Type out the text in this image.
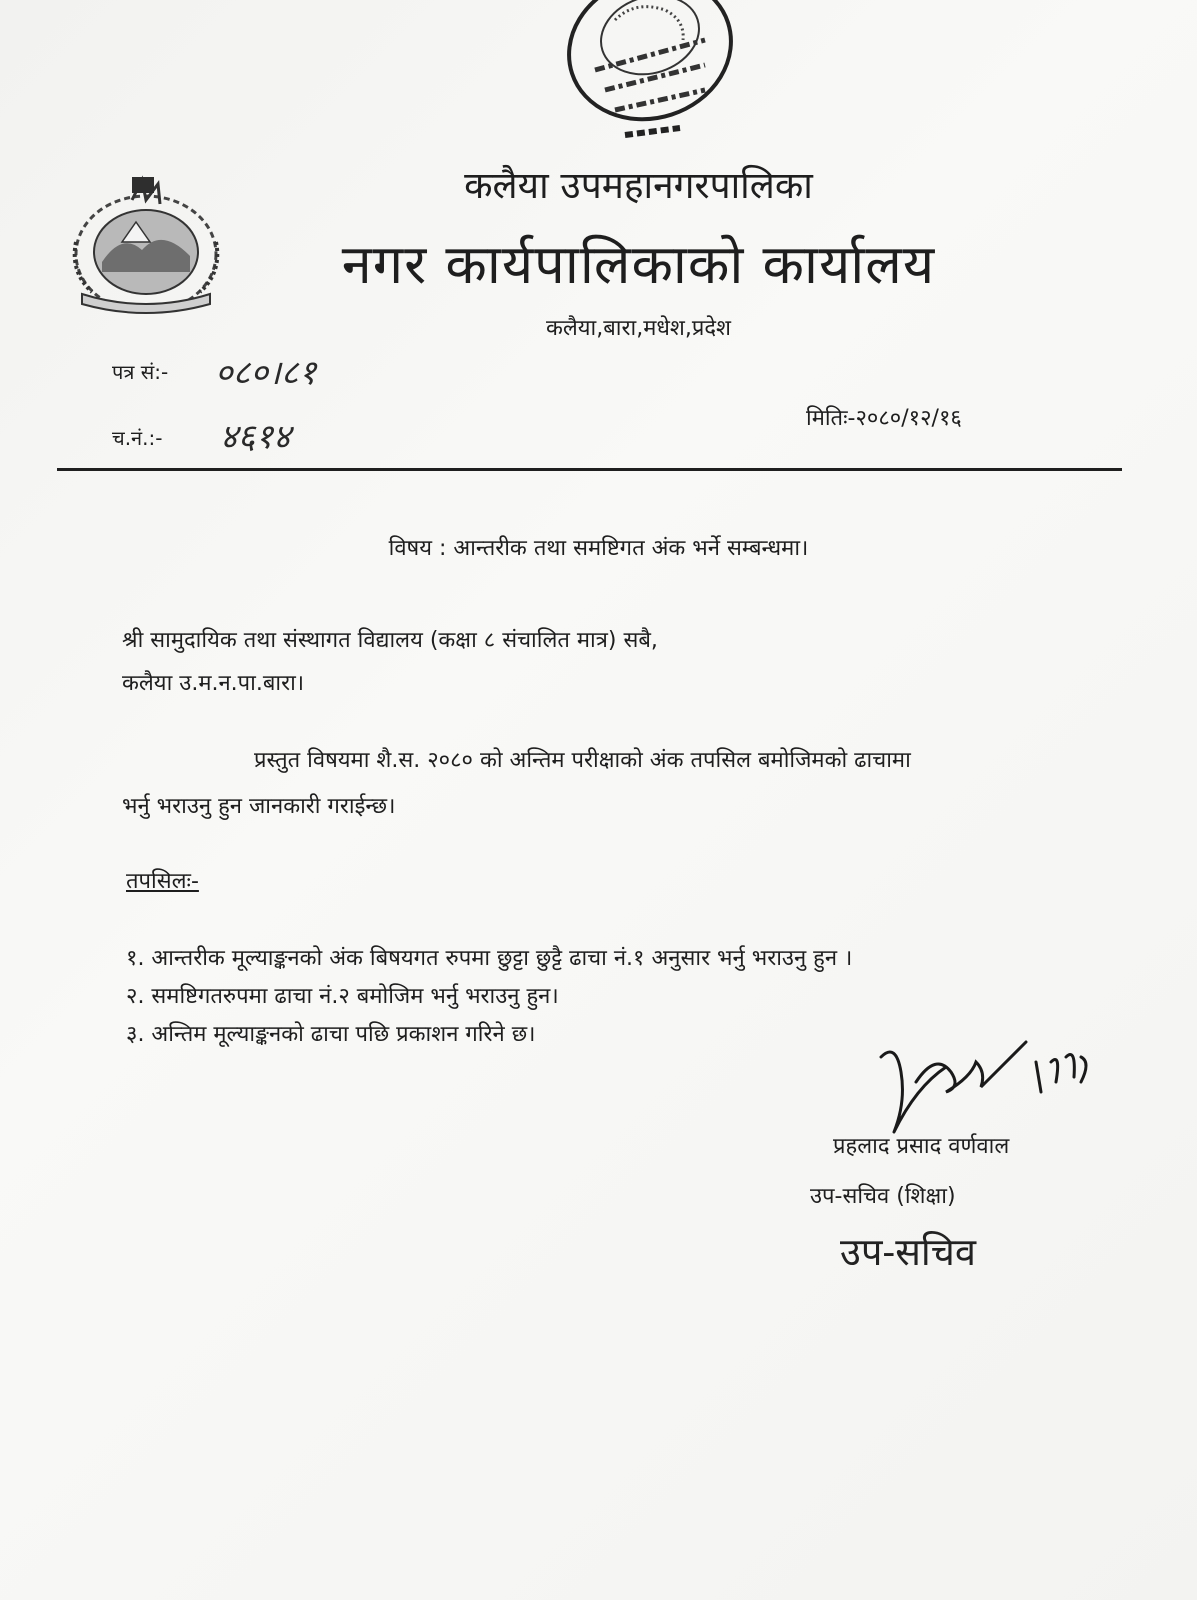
कलैया उपमहानगरपालिका
नगर कार्यपालिकाको कार्यालय
कलैया,बारा,मधेश,प्रदेश
पत्र सं:- ०८०।८१
च.नं.:- ४६१४	मितिः-२०८०/१२/१६
विषय : आन्तरीक तथा समष्टिगत अंक भर्ने सम्बन्धमा।
श्री सामुदायिक तथा संस्थागत विद्यालय (कक्षा ८ संचालित मात्र) सबै,
कलैया उ.म.न.पा.बारा।
प्रस्तुत विषयमा शै.स. २०८० को अन्तिम परीक्षाको अंक तपसिल बमोजिमको ढाचामा
भर्नु भराउनु हुन जानकारी गराईन्छ।
तपसिलः-
१. आन्तरीक मूल्याङ्कनको अंक बिषयगत रुपमा छुट्टा छुट्टै ढाचा नं.१ अनुसार भर्नु भराउनु हुन ।
२. समष्टिगतरुपमा ढाचा नं.२ बमोजिम भर्नु भराउनु हुन।
३. अन्तिम मूल्याङ्कनको ढाचा पछि प्रकाशन गरिने छ।
प्रहलाद प्रसाद वर्णवाल
उप-सचिव (शिक्षा)
उप-सचिव
